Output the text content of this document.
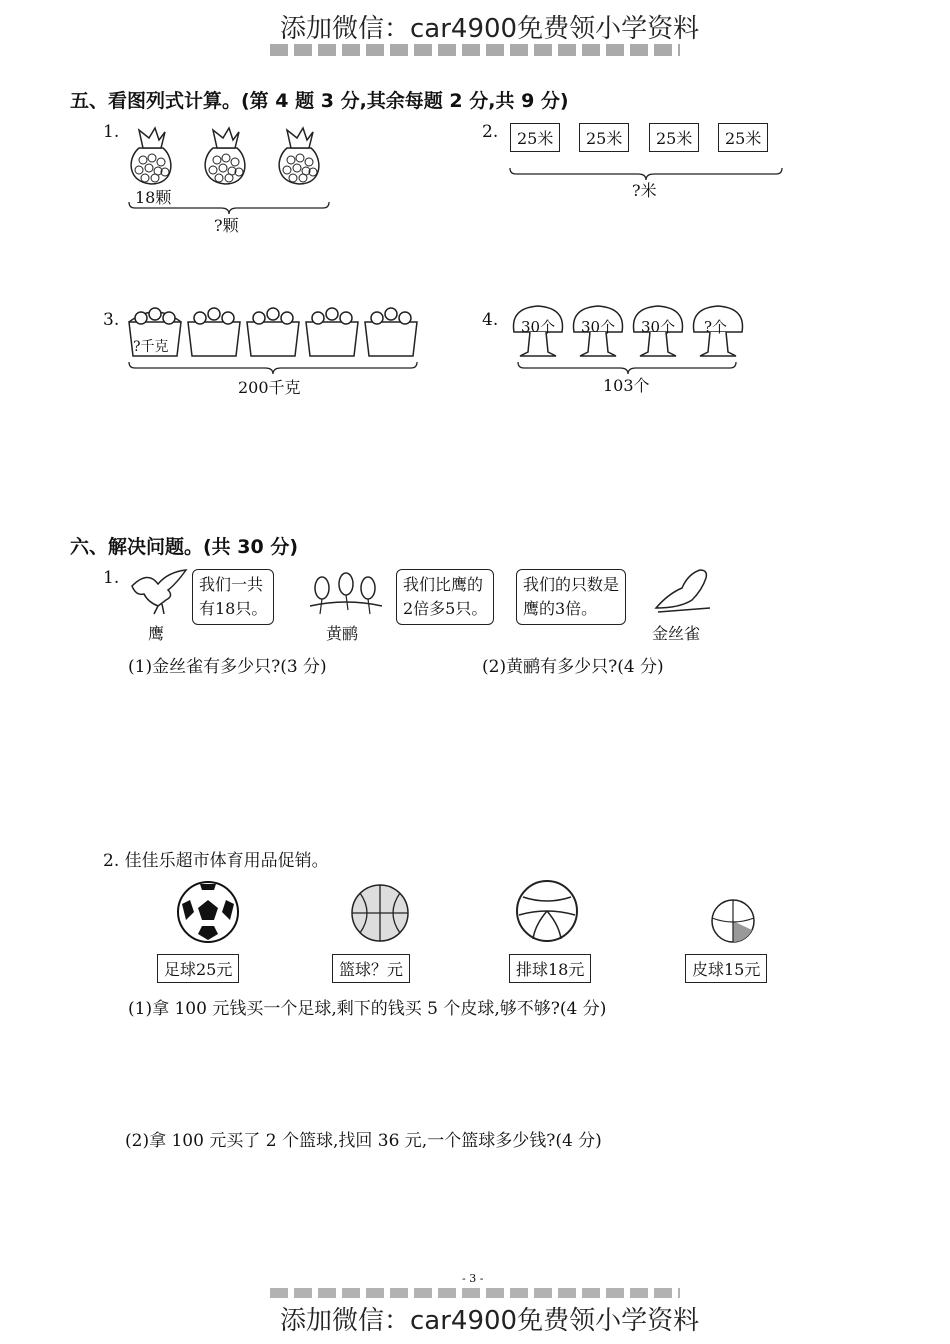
添加微信：car4900免费领小学资料
五、看图列式计算。(第 4 题 3 分,其余每题 2 分,共 9 分)
1.
18颗
?颗
2.	25米	25米	25米	25米
?米
3.
?千克
200千克
4. 30个 30个 30个 ?个
103个
六、解决问题。(共 30 分)
1.	我们一共
有18只。
鹰
我们比鹰的
2倍多5只。
黄鹂
我们的只数是
鹰的3倍。
金丝雀
(1)金丝雀有多少只?(3 分)	(2)黄鹂有多少只?(4 分)
2. 佳佳乐超市体育用品促销。
足球25元	篮球？元	排球18元	皮球15元
(1)拿 100 元钱买一个足球,剩下的钱买 5 个皮球,够不够?(4 分)
(2)拿 100 元买了 2 个篮球,找回 36 元,一个篮球多少钱?(4 分)
- 3 -
添加微信：car4900免费领小学资料
